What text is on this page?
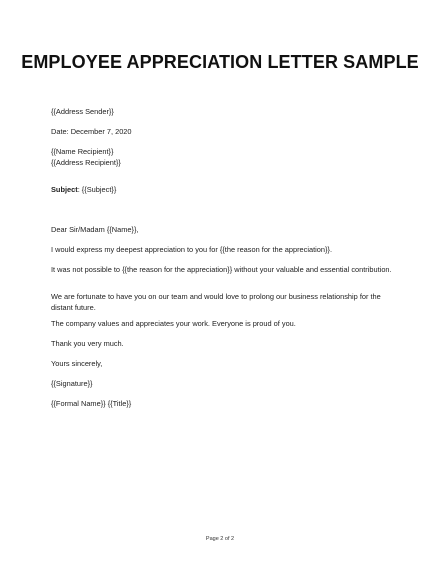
EMPLOYEE APPRECIATION LETTER SAMPLE
{{Address Sender}}
Date: December 7, 2020
{{Name Recipient}}
{{Address Recipient}}
Subject: {{Subject}}
Dear Sir/Madam {{Name}},
I would express my deepest appreciation to you for {{the reason for the appreciation}}.
It was not possible to {{the reason for the appreciation}} without your valuable and essential contribution.
We are fortunate to have you on our team and would love to prolong our business relationship for the distant future.
The company values and appreciates your work. Everyone is proud of you.
Thank you very much.
Yours sincerely,
{{Signature}}
{{Formal Name}} {{Title}}
Page 2 of 2
